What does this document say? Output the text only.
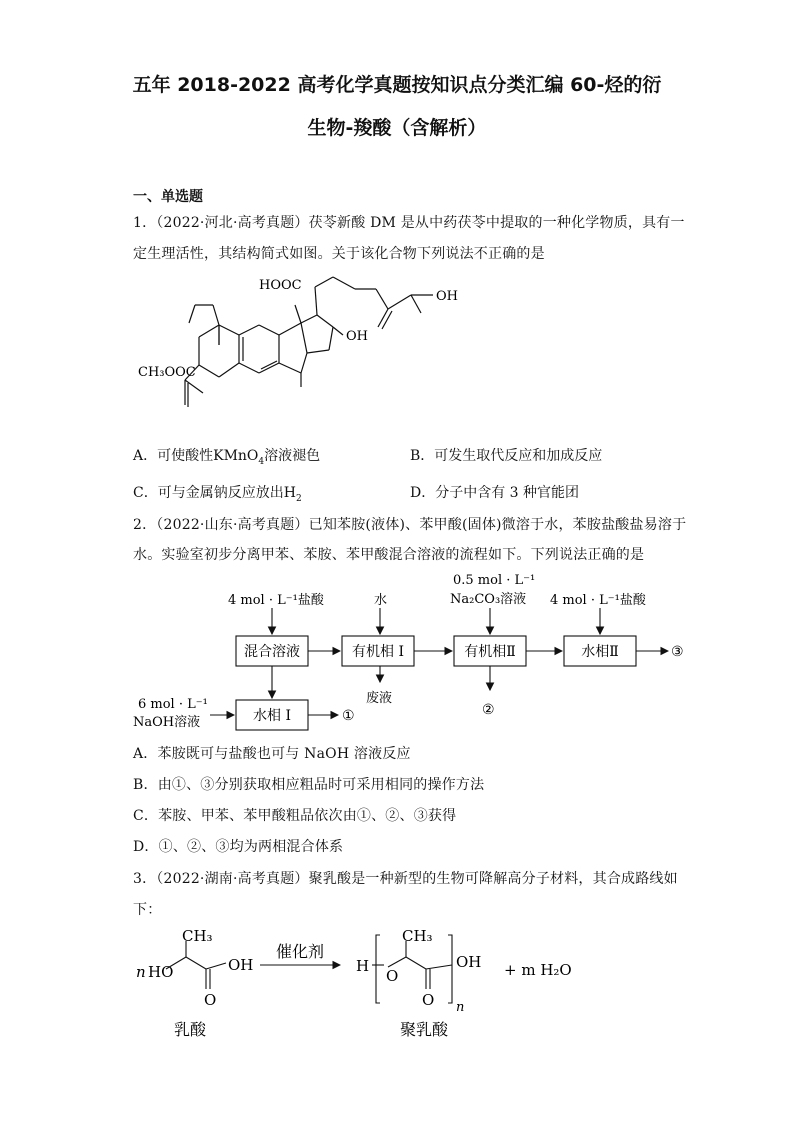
五年 2018-2022 高考化学真题按知识点分类汇编 60-烃的衍
生物-羧酸（含解析）
一、单选题
1．（2022·河北·高考真题）茯苓新酸 DM 是从中药茯苓中提取的一种化学物质，具有一
定生理活性，其结构简式如图。关于该化合物下列说法不正确的是
HOOC
OH
OH
CH₃OOC
A．可使酸性KMnO$_4$溶液褪色	B．可发生取代反应和加成反应
C．可与金属钠反应放出$H_2$	D．分子中含有 3 种官能团
2．（2022·山东·高考真题）已知苯胺(液体)、苯甲酸(固体)微溶于水，苯胺盐酸盐易溶于
水。实验室初步分离甲苯、苯胺、苯甲酸混合溶液的流程如下。下列说法正确的是
4 mol · L⁻¹盐酸	水
0.5 mol · L⁻¹
Na₂CO₃溶液 4 mol · L⁻¹盐酸
混合溶液	有机相 Ⅰ	有机相Ⅱ	水相Ⅱ
水相 Ⅰ
6 mol · L⁻¹
NaOH溶液
废液
①	②
③
A．苯胺既可与盐酸也可与 NaOH 溶液反应
B．由①、③分别获取相应粗品时可采用相同的操作方法
C．苯胺、甲苯、苯甲酸粗品依次由①、②、③获得
D．①、②、③均为两相混合体系
3．（2022·湖南·高考真题）聚乳酸是一种新型的生物可降解高分子材料，其合成路线如
下：
CH₃
n HO	OH
O
催化剂
H
O
CH₃
O
OH
n
+ m H₂O
乳酸	聚乳酸
